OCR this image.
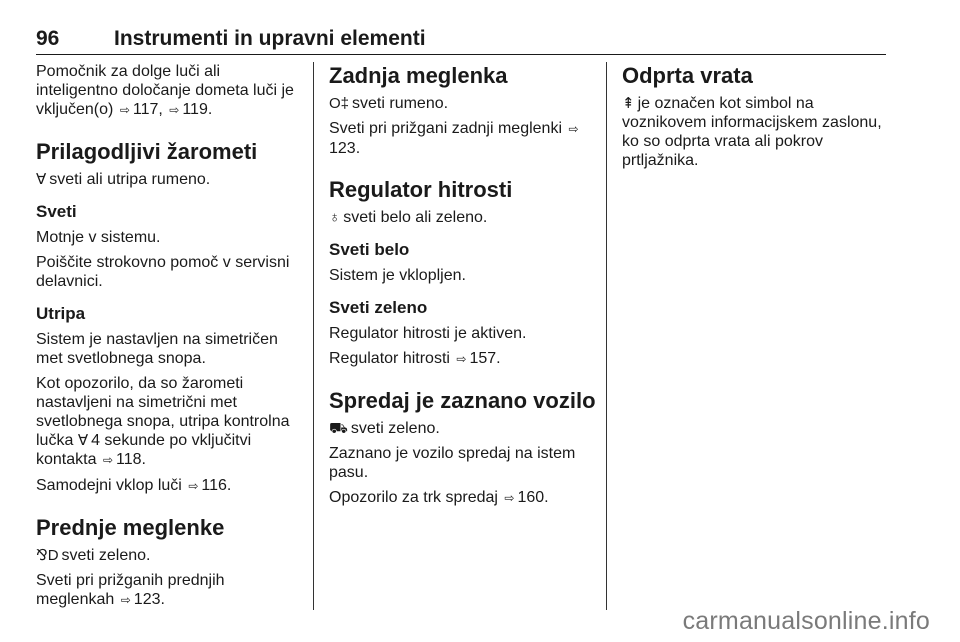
96	Instrumenti in upravni elementi

Pomočnik za dolge luči ali inteligentno določanje dometa luči je vključen(o) ⇨ 117, ⇨ 119.

Prilagodljivi žarometi

Ɐ sveti ali utripa rumeno.

Sveti

Motnje v sistemu.

Poiščite strokovno pomoč v servisni delavnici.

Utripa

Sistem je nastavljen na simetričen met svetlobnega snopa.

Kot opozorilo, da so žarometi nastavljeni na simetrični met svetlobnega snopa, utripa kontrolna lučka Ɐ 4 sekunde po vključitvi kontakta ⇨ 118.

Samodejni vklop luči ⇨ 116.

Prednje meglenke

⅋D sveti zeleno.

Sveti pri prižganih prednjih meglenkah ⇨ 123.

Zadnja meglenka

O‡ sveti rumeno.

Sveti pri prižgani zadnji meglenki ⇨123.

Regulator hitrosti

♁ sveti belo ali zeleno.

Sveti belo

Sistem je vklopljen.

Sveti zeleno

Regulator hitrosti je aktiven.

Regulator hitrosti ⇨ 157.

Spredaj je zaznano vozilo

⛟ sveti zeleno.

Zaznano je vozilo spredaj na istem pasu.

Opozorilo za trk spredaj ⇨ 160.

Odprta vrata

⇞ je označen kot simbol na voznikovem informacijskem zaslonu, ko so odprta vrata ali pokrov prtljažnika.

carmanualsonline.info
